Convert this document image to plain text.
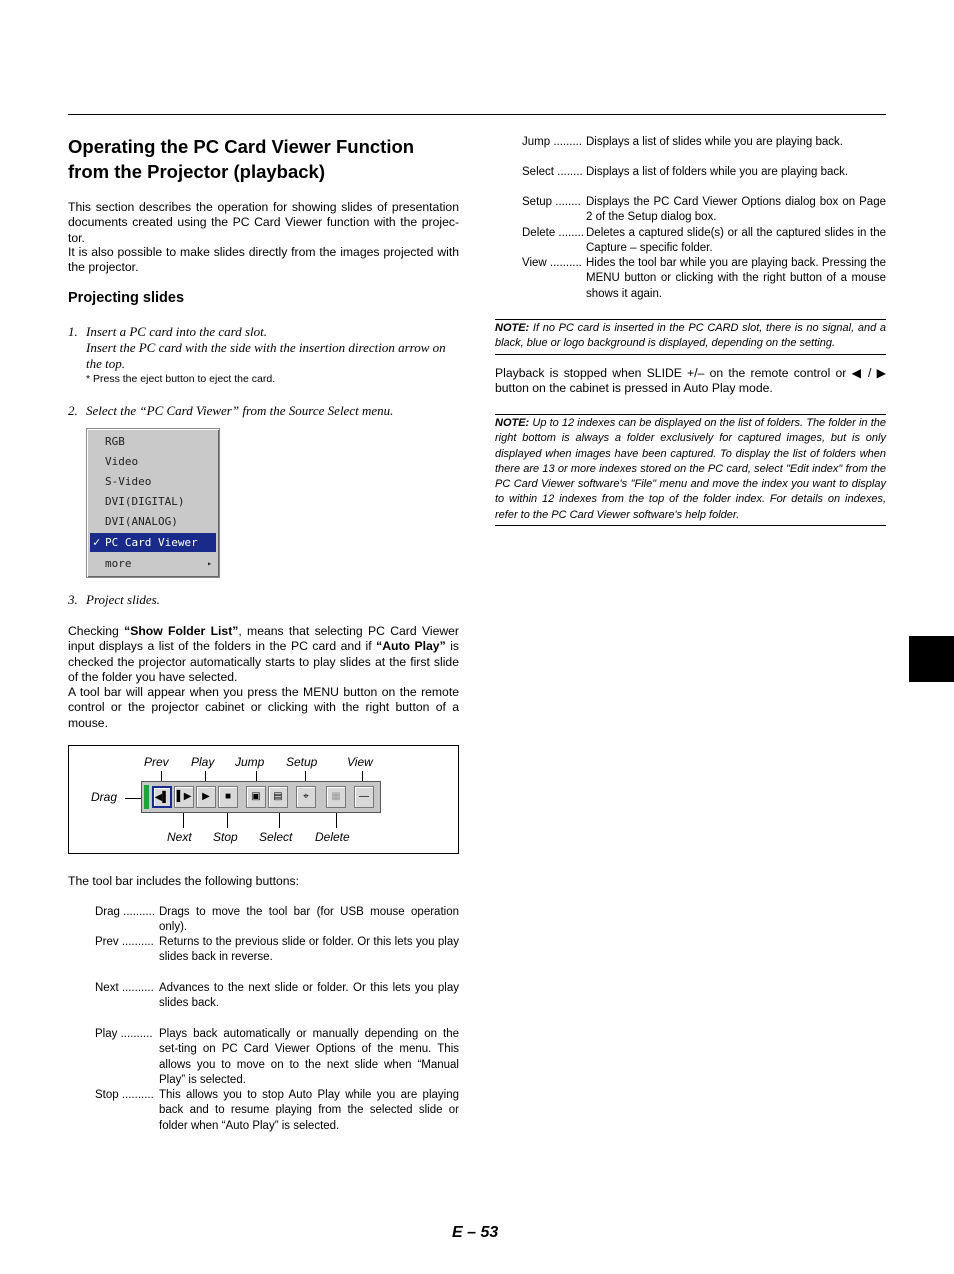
Operating the PC Card Viewer Function
from the Projector (playback)

This section describes the operation for showing slides of presentation documents created using the PC Card Viewer function with the projec-tor.

It is also possible to make slides directly from the images projected with the projector.

Projecting slides

1. Insert a PC card into the card slot.
Insert the PC card with the side with the insertion direction arrow on the top.

* Press the eject button to eject the card.

2. Select the “PC Card Viewer” from the Source Select menu.

3. Project slides.

Checking “Show Folder List”, means that selecting PC Card Viewer input displays a list of the folders in the PC card and if “Auto Play” is checked the projector automatically starts to play slides at the first slide of the folder you have selected.

A tool bar will appear when you press the MENU button on the remote control or the projector cabinet or clicking with the right button of a mouse.

The tool bar includes the following buttons:

RGB
Video
S-Video
DVI(DIGITAL)
DVI(ANALOG)
✓ PC Card Viewer
more	▸
Prev Play Jump Setup View
Drag
Next Stop Select Delete
◀▌ ▌▶	▶	■	▣	▤	⌖	▦	—
Drag .......... Drags to move the tool bar (for USB mouse operation only).
Prev .......... Returns to the previous slide or folder. Or this lets you play slides back in reverse.
Next .......... Advances to the next slide or folder. Or this lets you play slides back.
Play .......... Plays back automatically or manually depending on the set-ting on PC Card Viewer Options of the menu. This allows you to move on to the next slide when “Manual Play” is selected.
Stop .......... This allows you to stop Auto Play while you are playing back and to resume playing from the selected slide or folder when “Auto Play” is selected.
Jump ......... Displays a list of slides while you are playing back.
Select ........ Displays a list of folders while you are playing back.
Setup ........ Displays the PC Card Viewer Options dialog box on Page 2 of the Setup dialog box.
Delete ........ Deletes a captured slide(s) or all the captured slides in the Capture – specific folder.
View .......... Hides the tool bar while you are playing back. Pressing the MENU button or clicking with the right button of a mouse shows it again.
NOTE: If no PC card is inserted in the PC CARD slot, there is no signal, and a black, blue or logo background is displayed, depending on the setting.

Playback is stopped when SLIDE +/– on the remote control or ◀ / ▶ button on the cabinet is pressed in Auto Play mode.

NOTE: Up to 12 indexes can be displayed on the list of folders. The folder in the right bottom is always a folder exclusively for captured images, but is only displayed when images have been captured. To display the list of folders when there are 13 or more indexes stored on the PC card, select "Edit index" from the PC Card Viewer software's "File" menu and move the index you want to display to within 12 indexes from the top of the folder index. For details on indexes, refer to the PC Card Viewer software's help folder.
E – 53
